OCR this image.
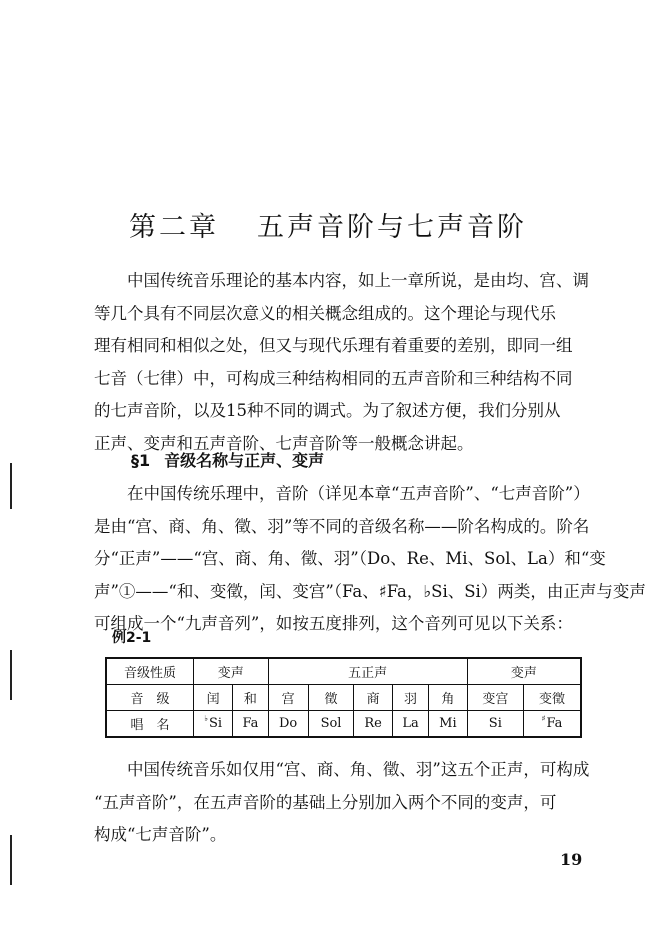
第二章 五声音阶与七声音阶

中国传统音乐理论的基本内容，如上一章所说，是由均、宫、调
等几个具有不同层次意义的相关概念组成的。这个理论与现代乐
理有相同和相似之处，但又与现代乐理有着重要的差别，即同一组
七音（七律）中，可构成三种结构相同的五声音阶和三种结构不同
的七声音阶，以及15种不同的调式。为了叙述方便，我们分别从
正声、变声和五声音阶、七声音阶等一般概念讲起。

§1 音级名称与正声、变声

在中国传统乐理中，音阶（详见本章“五声音阶”、“七声音阶”）
是由“宫、商、角、徵、羽”等不同的音级名称——阶名构成的。阶名
分“正声”——“宫、商、角、徵、羽”（Do、Re、Mi、Sol、La）和“变
声”①——“和、变徵，闰、变宫”（Fa、♯Fa，♭Si、Si）两类，由正声与变声
可组成一个“九声音列”，如按五度排列，这个音列可见以下关系：

例2-1
音级性质	变声		五正声					变声	
音　级	闰	和	宫	徵	商	羽	角	变宫	变徵
唱　名	♭Si	Fa	Do	Sol	Re	La	Mi	Si	♯Fa

中国传统音乐如仅用“宫、商、角、徵、羽”这五个正声，可构成
“五声音阶”，在五声音阶的基础上分别加入两个不同的变声，可
构成“七声音阶”。

19
